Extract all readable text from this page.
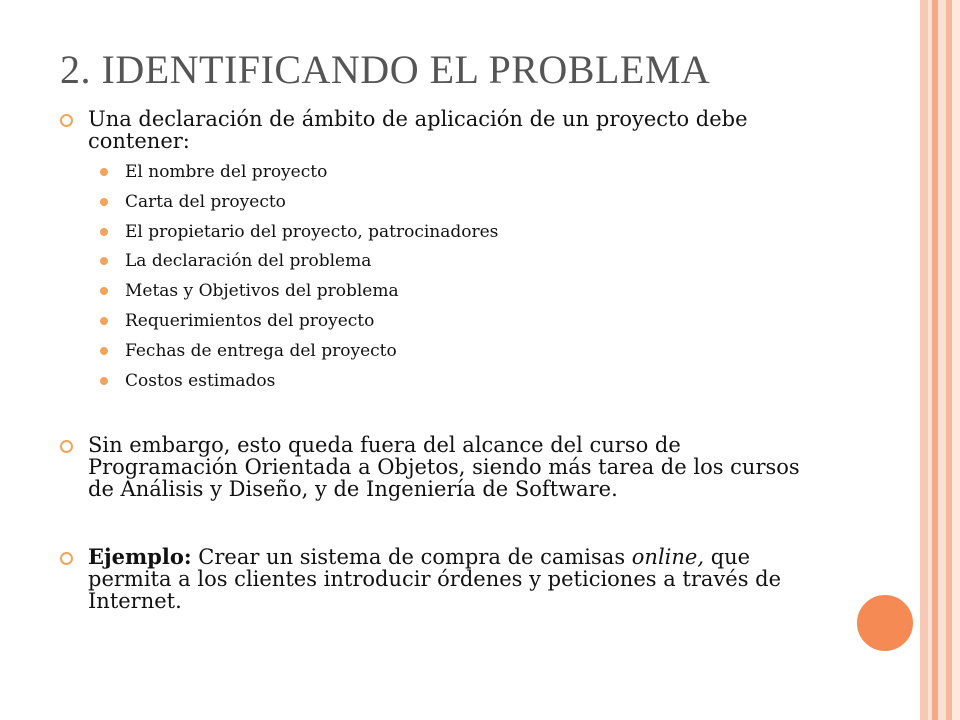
2. IDENTIFICANDO EL PROBLEMA
Una declaración de ámbito de aplicación de un proyecto debe contener:
El nombre del proyecto
Carta del proyecto
El propietario del proyecto, patrocinadores
La declaración del problema
Metas y Objetivos del problema
Requerimientos del proyecto
Fechas de entrega del proyecto
Costos estimados
Sin embargo, esto queda fuera del alcance del curso de Programación Orientada a Objetos, siendo más tarea de los cursos de Análisis y Diseño, y de Ingeniería de Software.
Ejemplo: Crear un sistema de compra de camisas online, que permita a los clientes introducir órdenes y peticiones a través de Internet.
